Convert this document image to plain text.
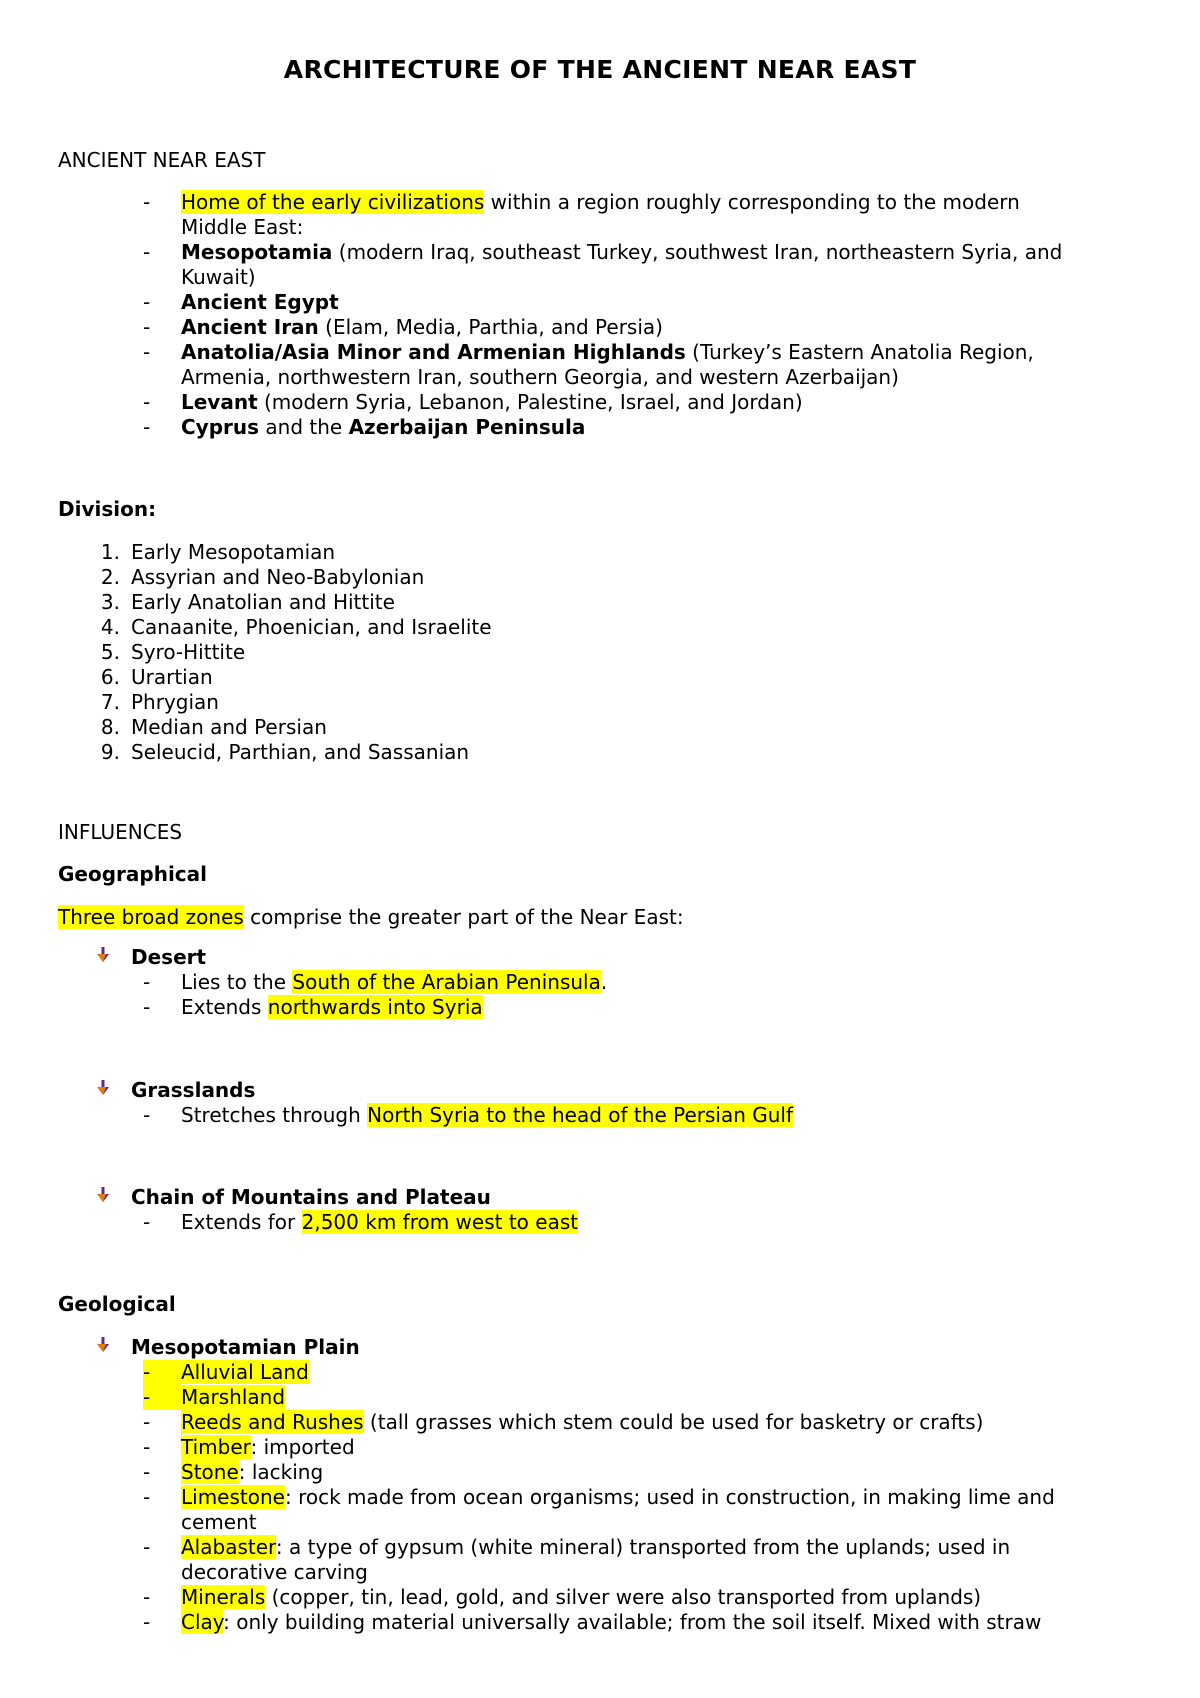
ARCHITECTURE OF THE ANCIENT NEAR EAST
ANCIENT NEAR EAST
-	Home of the early civilizations within a region roughly corresponding to the modern
Middle East:
-	Mesopotamia (modern Iraq, southeast Turkey, southwest Iran, northeastern Syria, and
Kuwait)
-	Ancient Egypt
-	Ancient Iran (Elam, Media, Parthia, and Persia)
-	Anatolia/Asia Minor and Armenian Highlands (Turkey’s Eastern Anatolia Region,
Armenia, northwestern Iran, southern Georgia, and western Azerbaijan)
-	Levant (modern Syria, Lebanon, Palestine, Israel, and Jordan)
-	Cyprus and the Azerbaijan Peninsula
Division:
1. Early Mesopotamian
2. Assyrian and Neo-Babylonian
3. Early Anatolian and Hittite
4. Canaanite, Phoenician, and Israelite
5. Syro-Hittite
6. Urartian
7. Phrygian
8. Median and Persian
9. Seleucid, Parthian, and Sassanian
INFLUENCES
Geographical
Three broad zones comprise the greater part of the Near East:
Desert
-	Lies to the South of the Arabian Peninsula.
-	Extends northwards into Syria
Grasslands
-	Stretches through North Syria to the head of the Persian Gulf
Chain of Mountains and Plateau
-	Extends for 2,500 km from west to east
Geological
Mesopotamian Plain
-	Alluvial Land
-	Marshland
-	Reeds and Rushes (tall grasses which stem could be used for basketry or crafts)
-	Timber: imported
-	Stone: lacking
-	Limestone: rock made from ocean organisms; used in construction, in making lime and
cement
-	Alabaster: a type of gypsum (white mineral) transported from the uplands; used in
decorative carving
-	Minerals (copper, tin, lead, gold, and silver were also transported from uplands)
-	Clay: only building material universally available; from the soil itself. Mixed with straw
